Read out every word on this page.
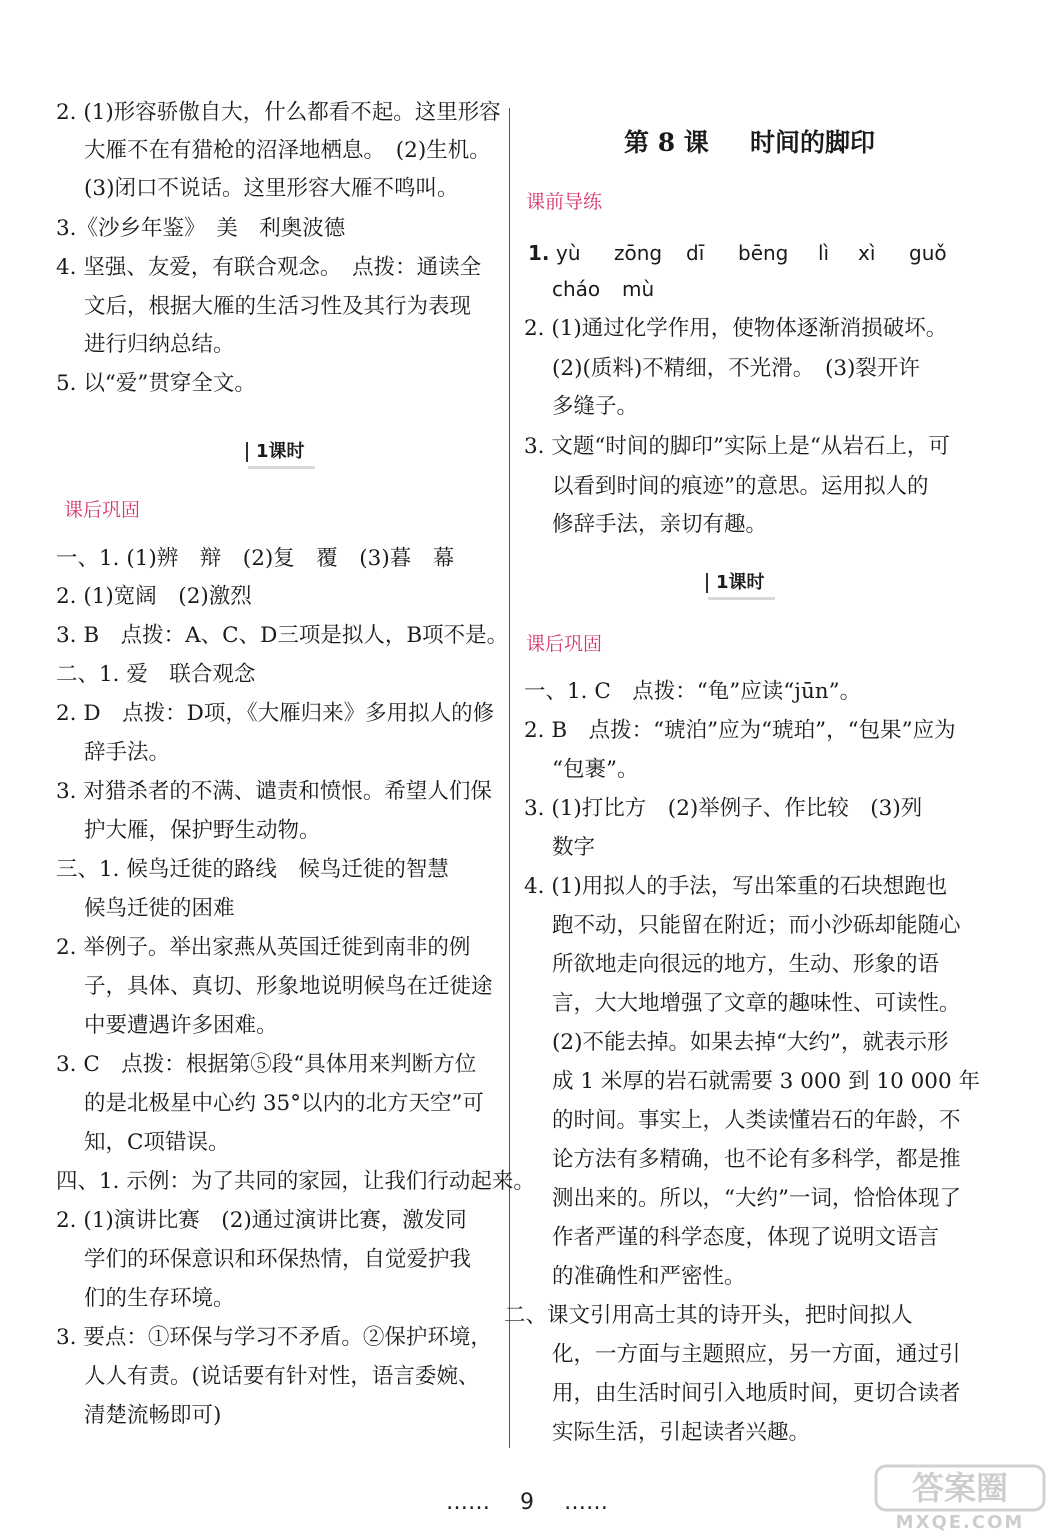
2. (1)形容骄傲自大，什么都看不起。这里形容
大雁不在有猎枪的沼泽地栖息。　(2)生机。
(3)闭口不说话。这里形容大雁不鸣叫。
3.《沙乡年鉴》　美　利奥波德
4. 坚强、友爱，有联合观念。　点拨：通读全
文后，根据大雁的生活习性及其行为表现
进行归纳总结。
5. 以“爱”贯穿全文。
1课时
课后巩固
一、1. (1)辨　辩　(2)复　覆　(3)暮　幕
2. (1)宽阔　(2)激烈
3. B　点拨：A、C、D三项是拟人，B项不是。
二、1. 爱　联合观念
2. D　点拨：D项，《大雁归来》多用拟人的修
辞手法。
3. 对猎杀者的不满、谴责和愤恨。希望人们保
护大雁，保护野生动物。
三、1. 候鸟迁徙的路线　候鸟迁徙的智慧
候鸟迁徙的困难
2. 举例子。举出家燕从英国迁徙到南非的例
子，具体、真切、形象地说明候鸟在迁徙途
中要遭遇许多困难。
3. C　点拨：根据第⑤段“具体用来判断方位
的是北极星中心约 35°以内的北方天空”可
知，C项错误。
四、1. 示例：为了共同的家园，让我们行动起来。
2. (1)演讲比赛　(2)通过演讲比赛，激发同
学们的环保意识和环保热情，自觉爱护我
们的生存环境。
3. 要点：①环保与学习不矛盾。②保护环境，
人人有责。(说话要有针对性，语言委婉、
清楚流畅即可)
第 8 课 时间的脚印
课前导练
1. yù zōng dī bēng lì xì guǒ
cháo mù
2. (1)通过化学作用，使物体逐渐消损破坏。
(2)(质料)不精细，不光滑。　(3)裂开许
多缝子。
3. 文题“时间的脚印”实际上是“从岩石上，可
以看到时间的痕迹”的意思。运用拟人的
修辞手法，亲切有趣。
1课时
课后巩固
一、1. C　点拨：“龟”应读“jūn”。
2. B　点拨：“琥泊”应为“琥珀”，“包果”应为
“包裹”。
3. (1)打比方　(2)举例子、作比较　(3)列
数字
4. (1)用拟人的手法，写出笨重的石块想跑也
跑不动，只能留在附近；而小沙砾却能随心
所欲地走向很远的地方，生动、形象的语
言，大大地增强了文章的趣味性、可读性。
(2)不能去掉。如果去掉“大约”，就表示形
成 1 米厚的岩石就需要 3 000 到 10 000 年
的时间。事实上，人类读懂岩石的年龄，不
论方法有多精确，也不论有多科学，都是推
测出来的。所以，“大约”一词，恰恰体现了
作者严谨的科学态度，体现了说明文语言
的准确性和严密性。
二、课文引用高士其的诗开头，把时间拟人
化，一方面与主题照应，另一方面，通过引
用，由生活时间引入地质时间，更切合读者
实际生活，引起读者兴趣。
…… 9 ……	答案圈
MXQE.COM
